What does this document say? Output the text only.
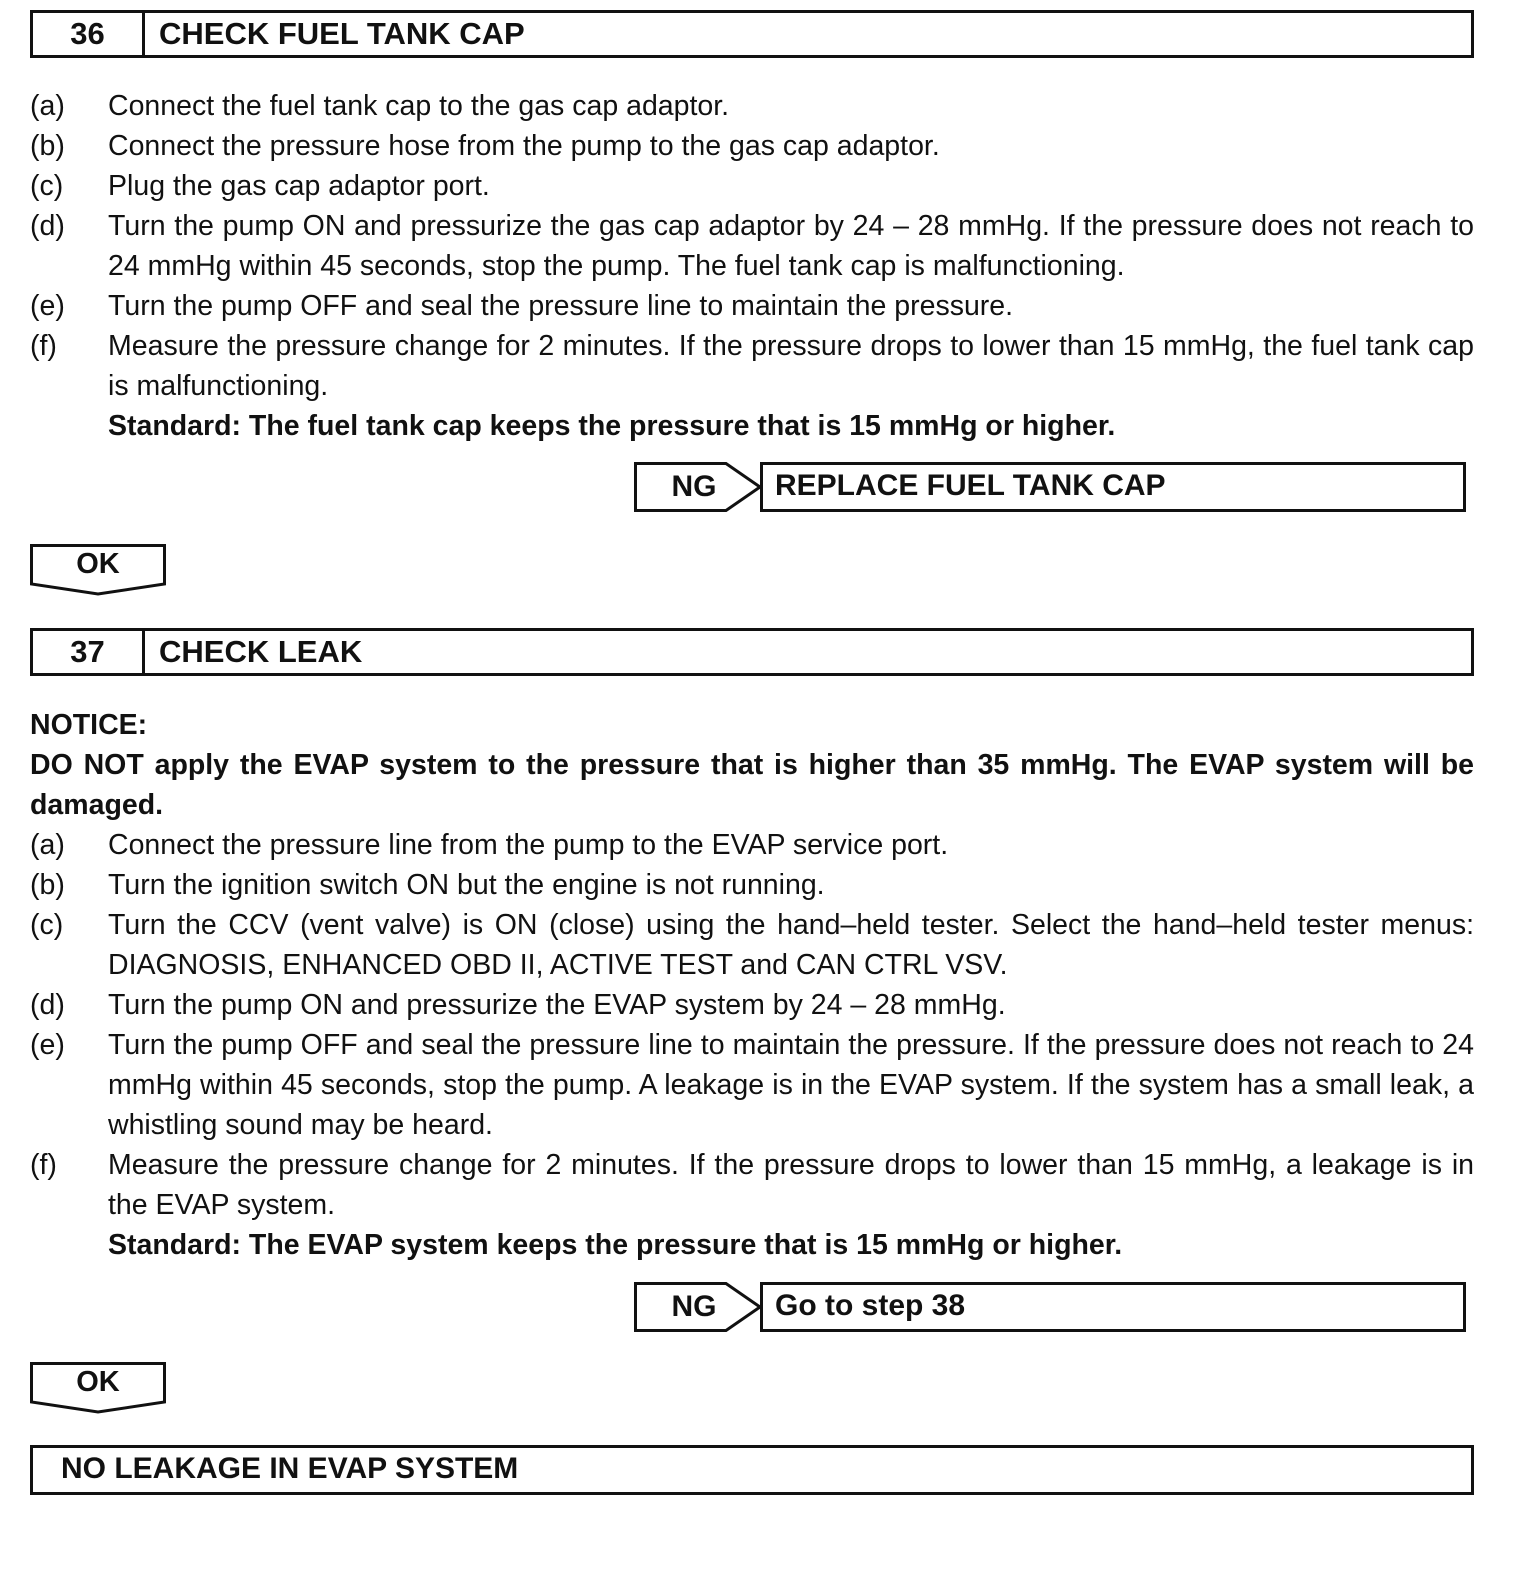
36	CHECK FUEL TANK CAP
(a)	Connect the fuel tank cap to the gas cap adaptor.
(b)	Connect the pressure hose from the pump to the gas cap adaptor.
(c)	Plug the gas cap adaptor port.
(d)	Turn the pump ON and pressurize the gas cap adaptor by 24 – 28 mmHg. If the pressure does not reach to 24 mmHg within 45 seconds, stop the pump. The fuel tank cap is malfunctioning.
(e)	Turn the pump OFF and seal the pressure line to maintain the pressure.
(f)	Measure the pressure change for 2 minutes. If the pressure drops to lower than 15 mmHg, the fuel tank cap is malfunctioning.
Standard: The fuel tank cap keeps the pressure that is 15 mmHg or higher.
NG	REPLACE FUEL TANK CAP
OK
37	CHECK LEAK
NOTICE:
DO NOT apply the EVAP system to the pressure that is higher than 35 mmHg. The EVAP system will be damaged.
(a)	Connect the pressure line from the pump to the EVAP service port.
(b)	Turn the ignition switch ON but the engine is not running.
(c)	Turn the CCV (vent valve) is ON (close) using the hand–held tester. Select the hand–held tester menus: DIAGNOSIS, ENHANCED OBD II, ACTIVE TEST and CAN CTRL VSV.
(d)	Turn the pump ON and pressurize the EVAP system by 24 – 28 mmHg.
(e)	Turn the pump OFF and seal the pressure line to maintain the pressure. If the pressure does not reach to 24 mmHg within 45 seconds, stop the pump. A leakage is in the EVAP system. If the system has a small leak, a whistling sound may be heard.
(f)	Measure the pressure change for 2 minutes. If the pressure drops to lower than 15 mmHg, a leakage is in the EVAP system.
Standard: The EVAP system keeps the pressure that is 15 mmHg or higher.
NG	Go to step 38
OK
NO LEAKAGE IN EVAP SYSTEM
